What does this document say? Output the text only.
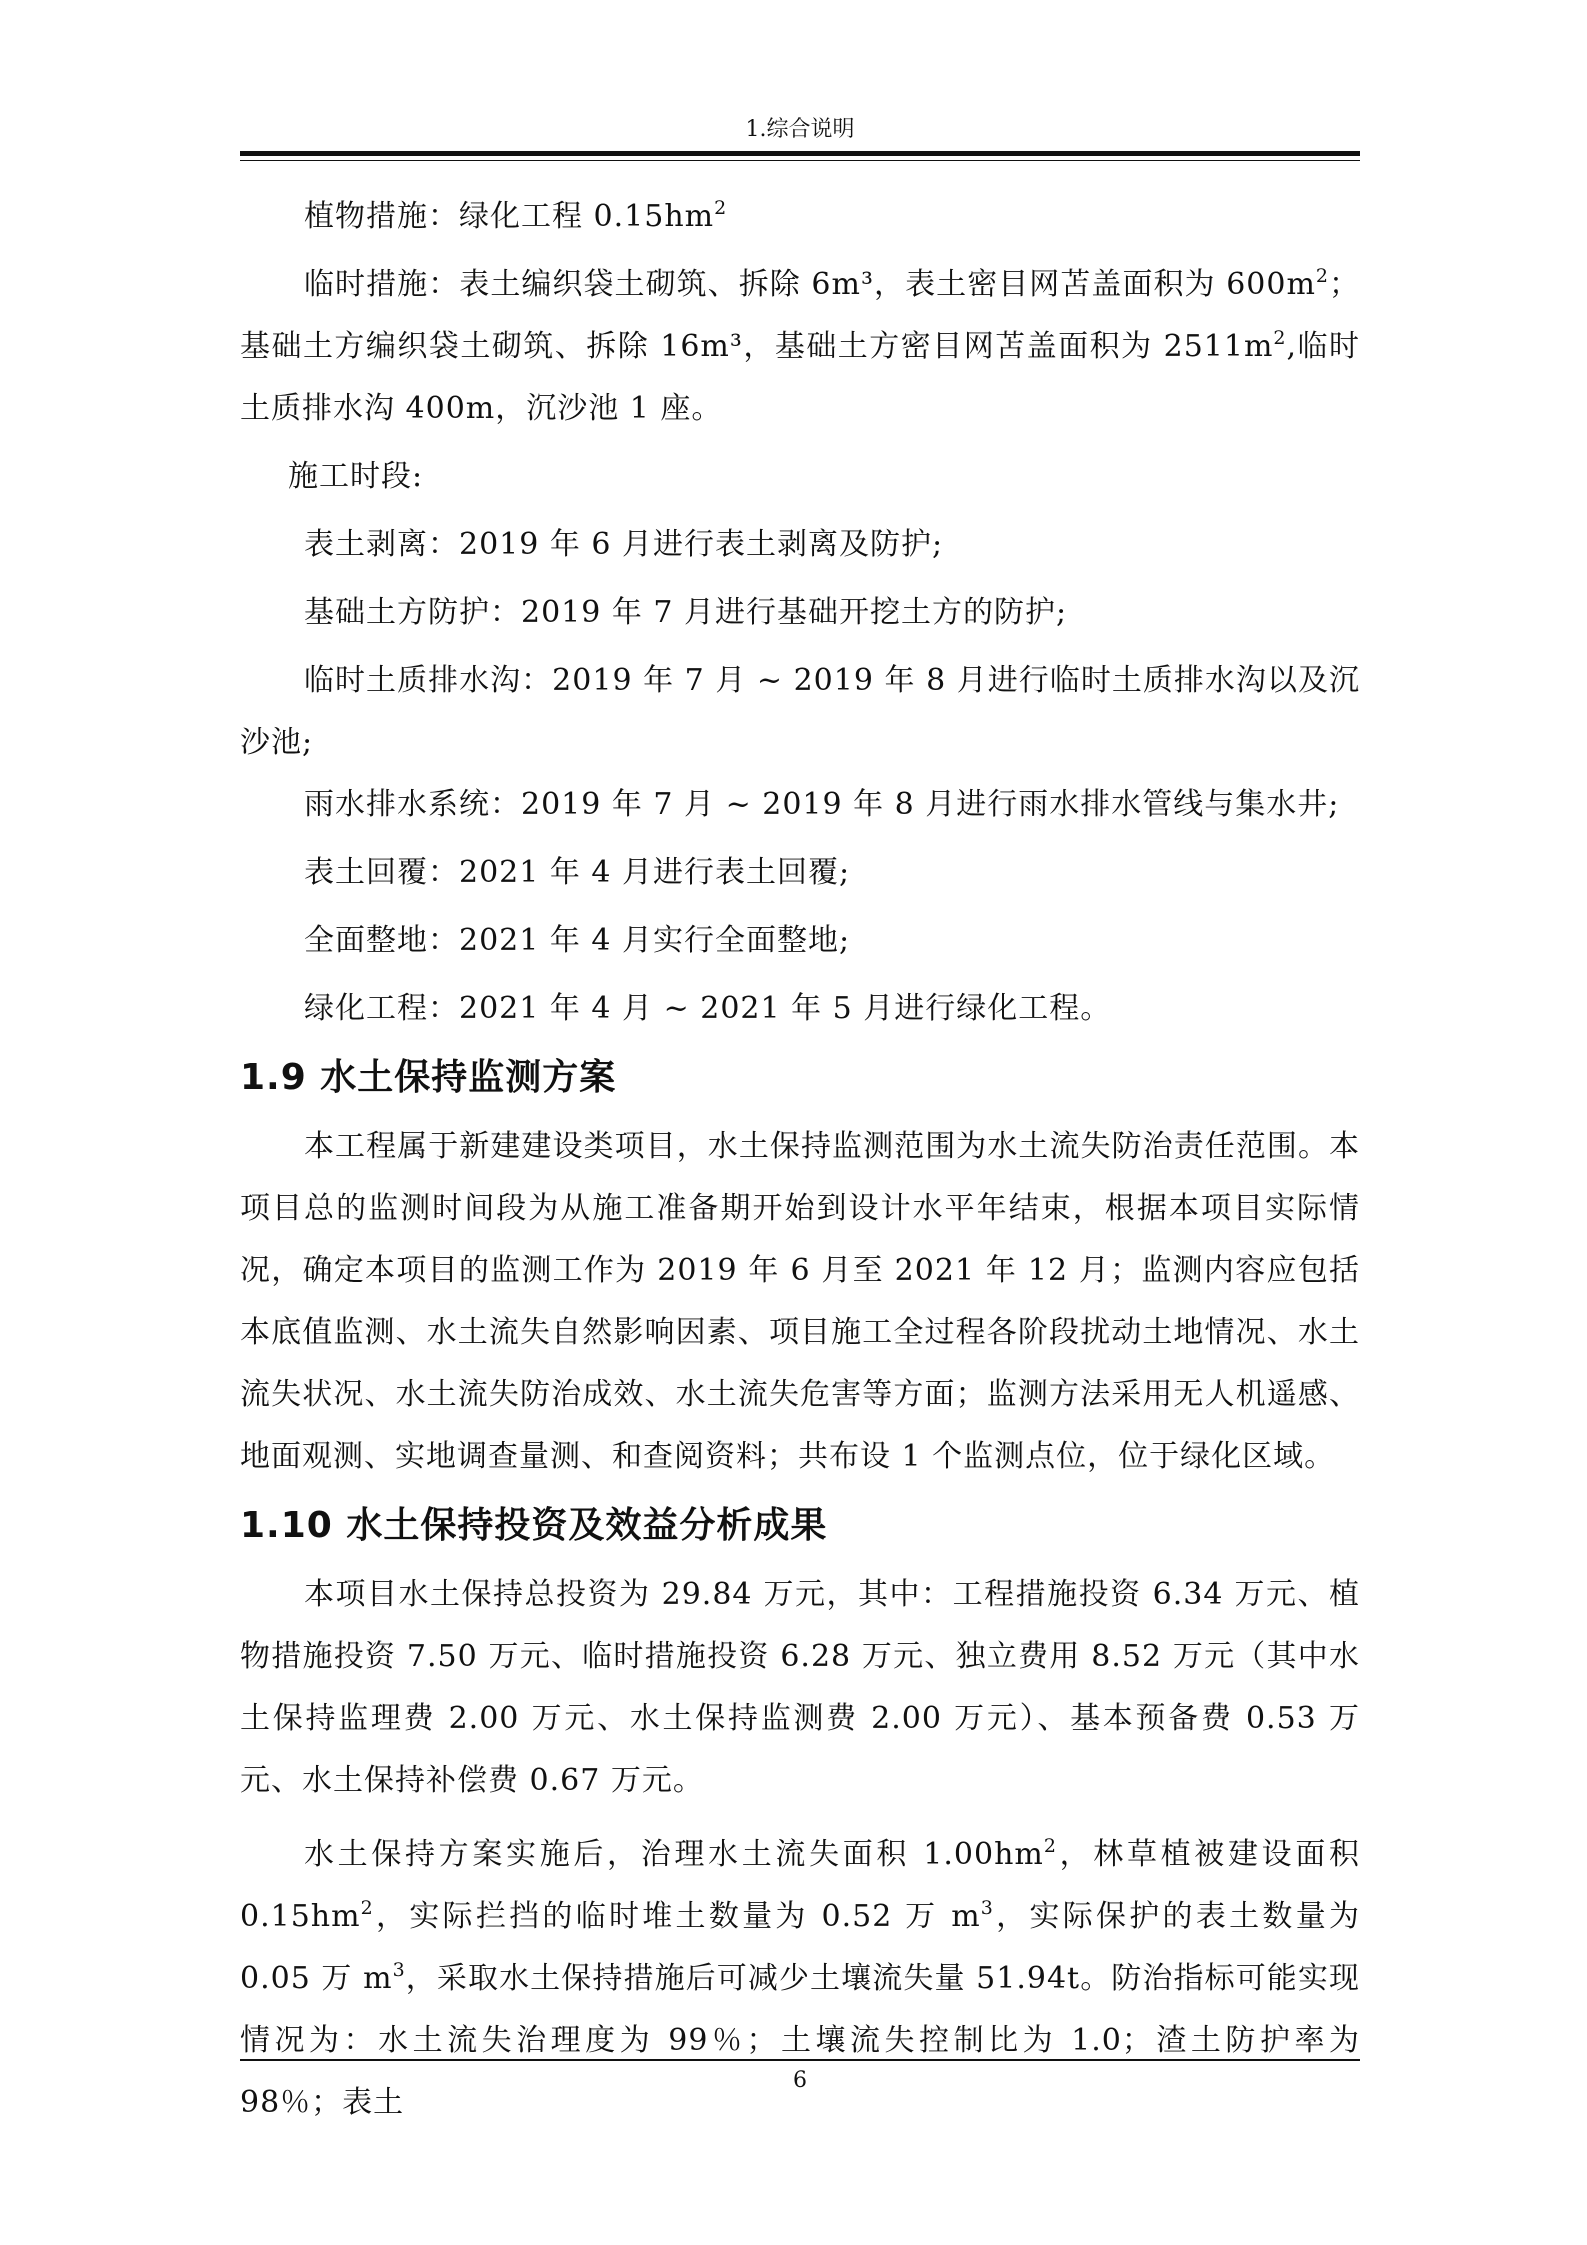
1.综合说明

植物措施：绿化工程 $0.15hm^2$

临时措施：表土编织袋土砌筑、拆除 6m³，表土密目网苫盖面积为 $600m^2$；基础土方编织袋土砌筑、拆除 16m³，基础土方密目网苫盖面积为 $2511m^2$,临时土质排水沟 400m，沉沙池 1 座。

施工时段:

表土剥离：2019 年 6 月进行表土剥离及防护;

基础土方防护：2019 年 7 月进行基础开挖土方的防护;

临时土质排水沟：2019 年 7 月 ~ 2019 年 8 月进行临时土质排水沟以及沉沙池;

雨水排水系统：2019 年 7 月 ~ 2019 年 8 月进行雨水排水管线与集水井;

表土回覆：2021 年 4 月进行表土回覆;

全面整地：2021 年 4 月实行全面整地;

绿化工程：2021 年 4 月 ~ 2021 年 5 月进行绿化工程。

1.9 水土保持监测方案

本工程属于新建建设类项目，水土保持监测范围为水土流失防治责任范围。本项目总的监测时间段为从施工准备期开始到设计水平年结束，根据本项目实际情况，确定本项目的监测工作为 2019 年 6 月至 2021 年 12 月；监测内容应包括本底值监测、水土流失自然影响因素、项目施工全过程各阶段扰动土地情况、水土流失状况、水土流失防治成效、水土流失危害等方面；监测方法采用无人机遥感、地面观测、实地调查量测、和查阅资料；共布设 1 个监测点位，位于绿化区域。

1.10 水土保持投资及效益分析成果

本项目水土保持总投资为 29.84 万元，其中：工程措施投资 6.34 万元、植物措施投资 7.50 万元、临时措施投资 6.28 万元、独立费用 8.52 万元（其中水土保持监理费 2.00 万元、水土保持监测费 2.00 万元）、基本预备费 0.53 万元、水土保持补偿费 0.67 万元。

水土保持方案实施后，治理水土流失面积 $1.00hm^2$，林草植被建设面积 $0.15hm^2$，实际拦挡的临时堆土数量为 0.52 万 $m^3$，实际保护的表土数量为 0.05 万 $m^3$，采取水土保持措施后可减少土壤流失量 51.94t。防治指标可能实现情况为：水土流失治理度为 99％；土壤流失控制比为 1.0；渣土防护率为 98％；表土

6
